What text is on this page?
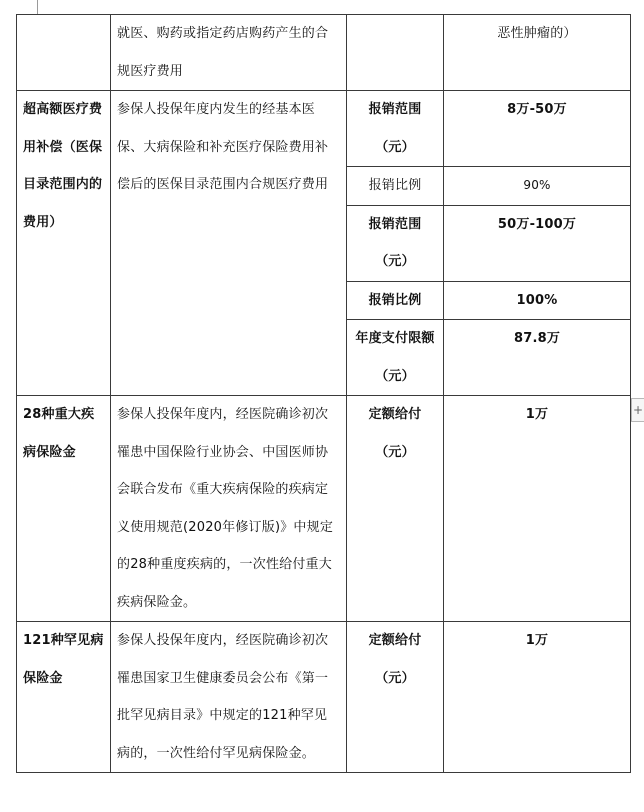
	就医、购药或指定药店购药产生的合规医疗费用		恶性肿瘤的）
超高额医疗费用补偿（医保目录范围内的费用）	参保人投保年度内发生的经基本医保、大病保险和补充医疗保险费用补偿后的医保目录范围内合规医疗费用	报销范围（元）	8万-50万
		报销比例	90%
		报销范围（元）	50万-100万
		报销比例	100%
		年度支付限额（元）	87.8万
28种重大疾病保险金	参保人投保年度内，经医院确诊初次罹患中国保险行业协会、中国医师协会联合发布《重大疾病保险的疾病定义使用规范(2020年修订版)》中规定的28种重度疾病的，一次性给付重大疾病保险金。	定额给付（元）	1万
121种罕见病保险金	参保人投保年度内，经医院确诊初次罹患国家卫生健康委员会公布《第一批罕见病目录》中规定的121种罕见病的，一次性给付罕见病保险金。	定额给付（元）	1万
+
